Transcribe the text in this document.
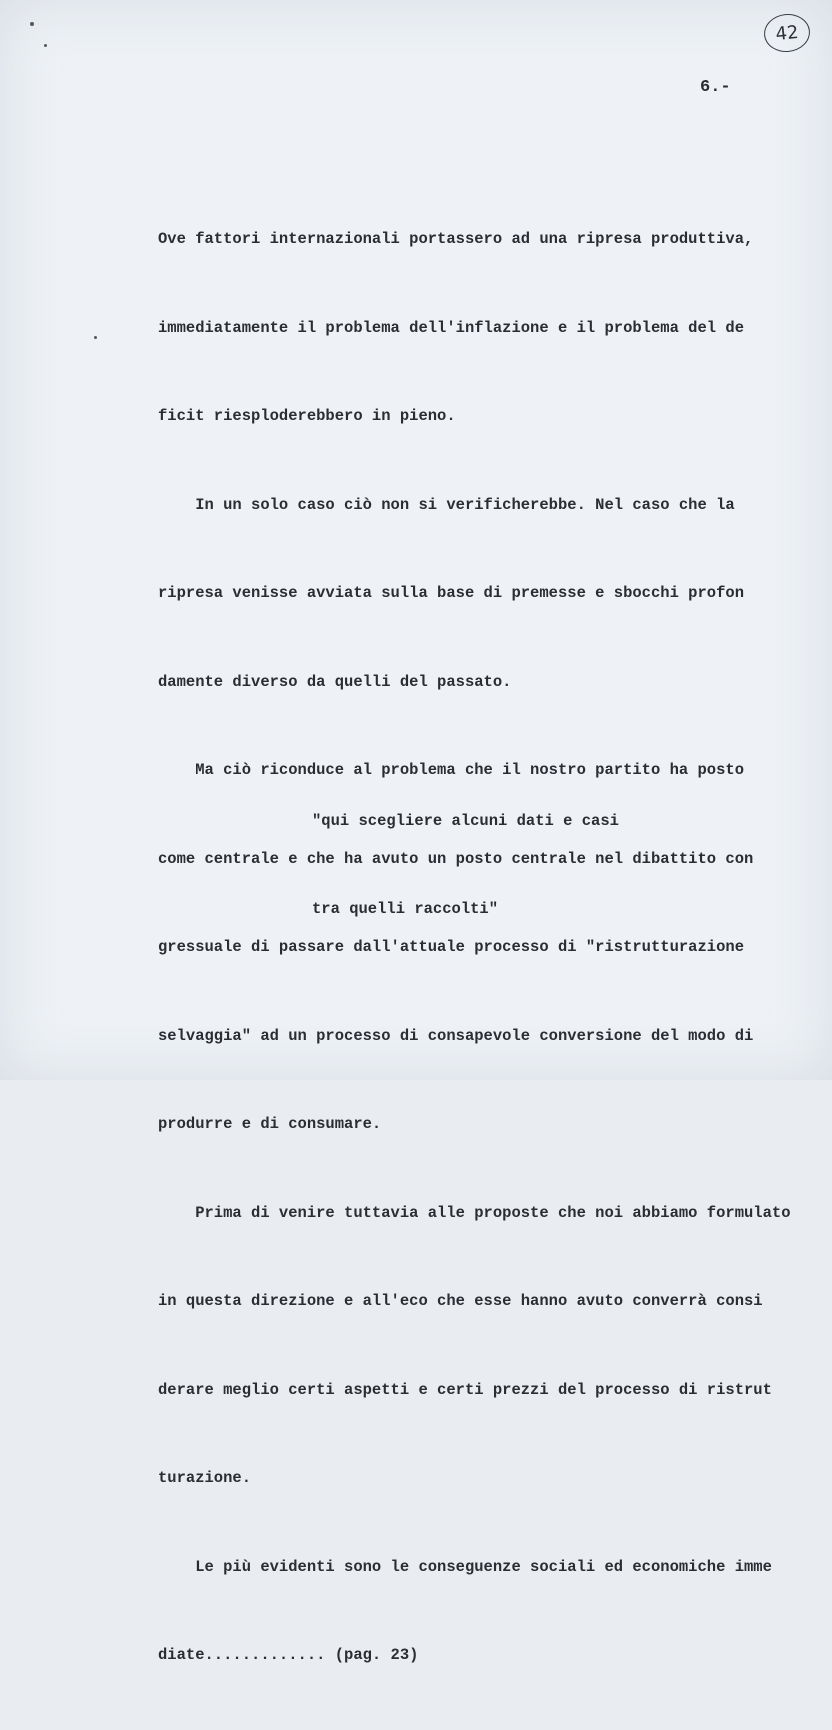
42
6.-

Ove fattori internazionali portassero ad una ripresa produttiva,

immediatamente il problema dell'inflazione e il problema del de

ficit riesploderebbero in pieno.

In un solo caso ciò non si verificherebbe. Nel caso che la

ripresa venisse avviata sulla base di premesse e sbocchi profon

damente diverso da quelli del passato.

Ma ciò riconduce al problema che il nostro partito ha posto

come centrale e che ha avuto un posto centrale nel dibattito con

gressuale di passare dall'attuale processo di "ristrutturazione

selvaggia" ad un processo di consapevole conversione del modo di

produrre e di consumare.

Prima di venire tuttavia alle proposte che noi abbiamo formulato

in questa direzione e all'eco che esse hanno avuto converrà consi

derare meglio certi aspetti e certi prezzi del processo di ristrut

turazione.

Le più evidenti sono le conseguenze sociali ed economiche imme

diate............. (pag. 23)

"qui scegliere alcuni dati e casi

tra quelli raccolti"
